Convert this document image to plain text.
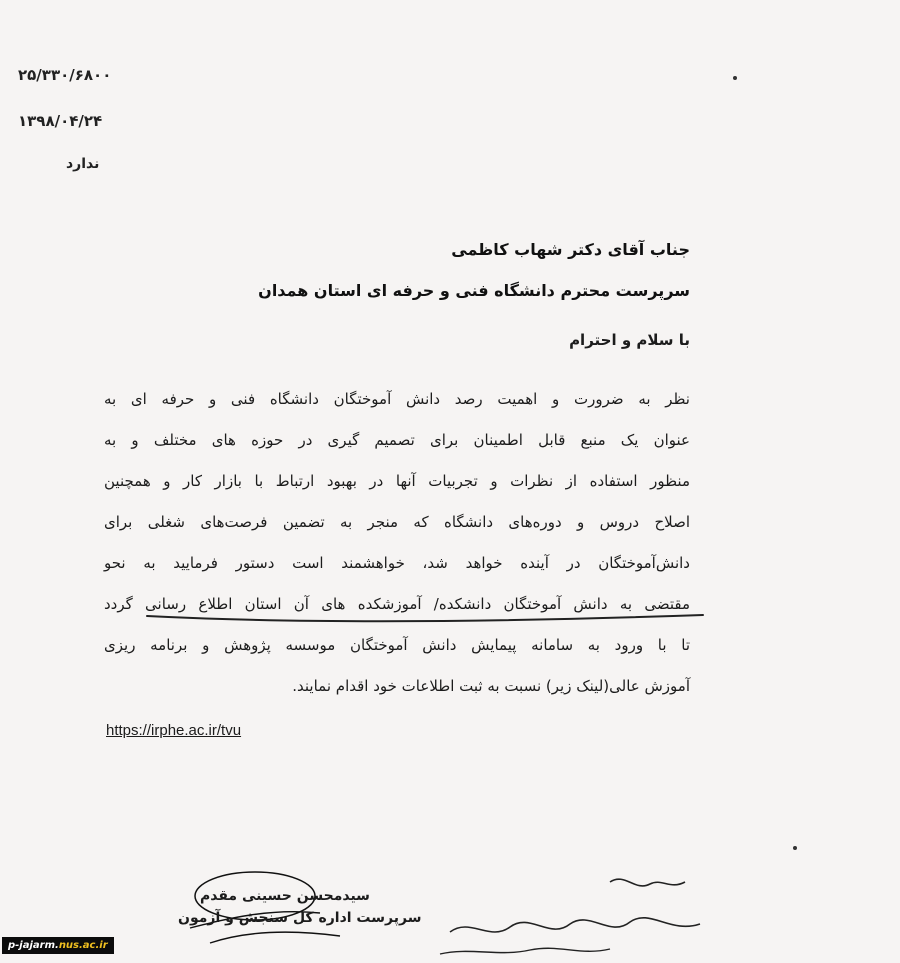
۲۵/۳۳۰/۶۸۰۰
۱۳۹۸/۰۴/۲۴
ندارد
جناب آقای دکتر شهاب کاظمی
سرپرست محترم دانشگاه فنی و حرفه ای استان همدان
با سلام و احترام
نظر به ضرورت و اهمیت رصد دانش آموختگان دانشگاه فنی و حرفه ای به
عنوان یک منبع قابل اطمینان برای تصمیم گیری در حوزه های مختلف و به
منظور استفاده از نظرات و تجربیات آنها در بهبود ارتباط با بازار کار و همچنین
اصلاح دروس و دوره‌های دانشگاه که منجر به تضمین فرصت‌های شغلی برای
دانش‌آموختگان در آینده خواهد شد، خواهشمند است دستور فرمایید به نحو
مقتضی به دانش آموختگان دانشکده/ آموزشکده های آن استان اطلاع رسانی گردد
تا با ورود به سامانه پیمایش دانش آموختگان موسسه پژوهش و برنامه ریزی
آموزش عالی(لینک زیر) نسبت به ثبت اطلاعات خود اقدام نمایند.
https://irphe.ac.ir/tvu
سیدمحسن حسینی مقدم
سرپرست اداره کل سنجش و آزمون
p-jajarm.nus.ac.ir
